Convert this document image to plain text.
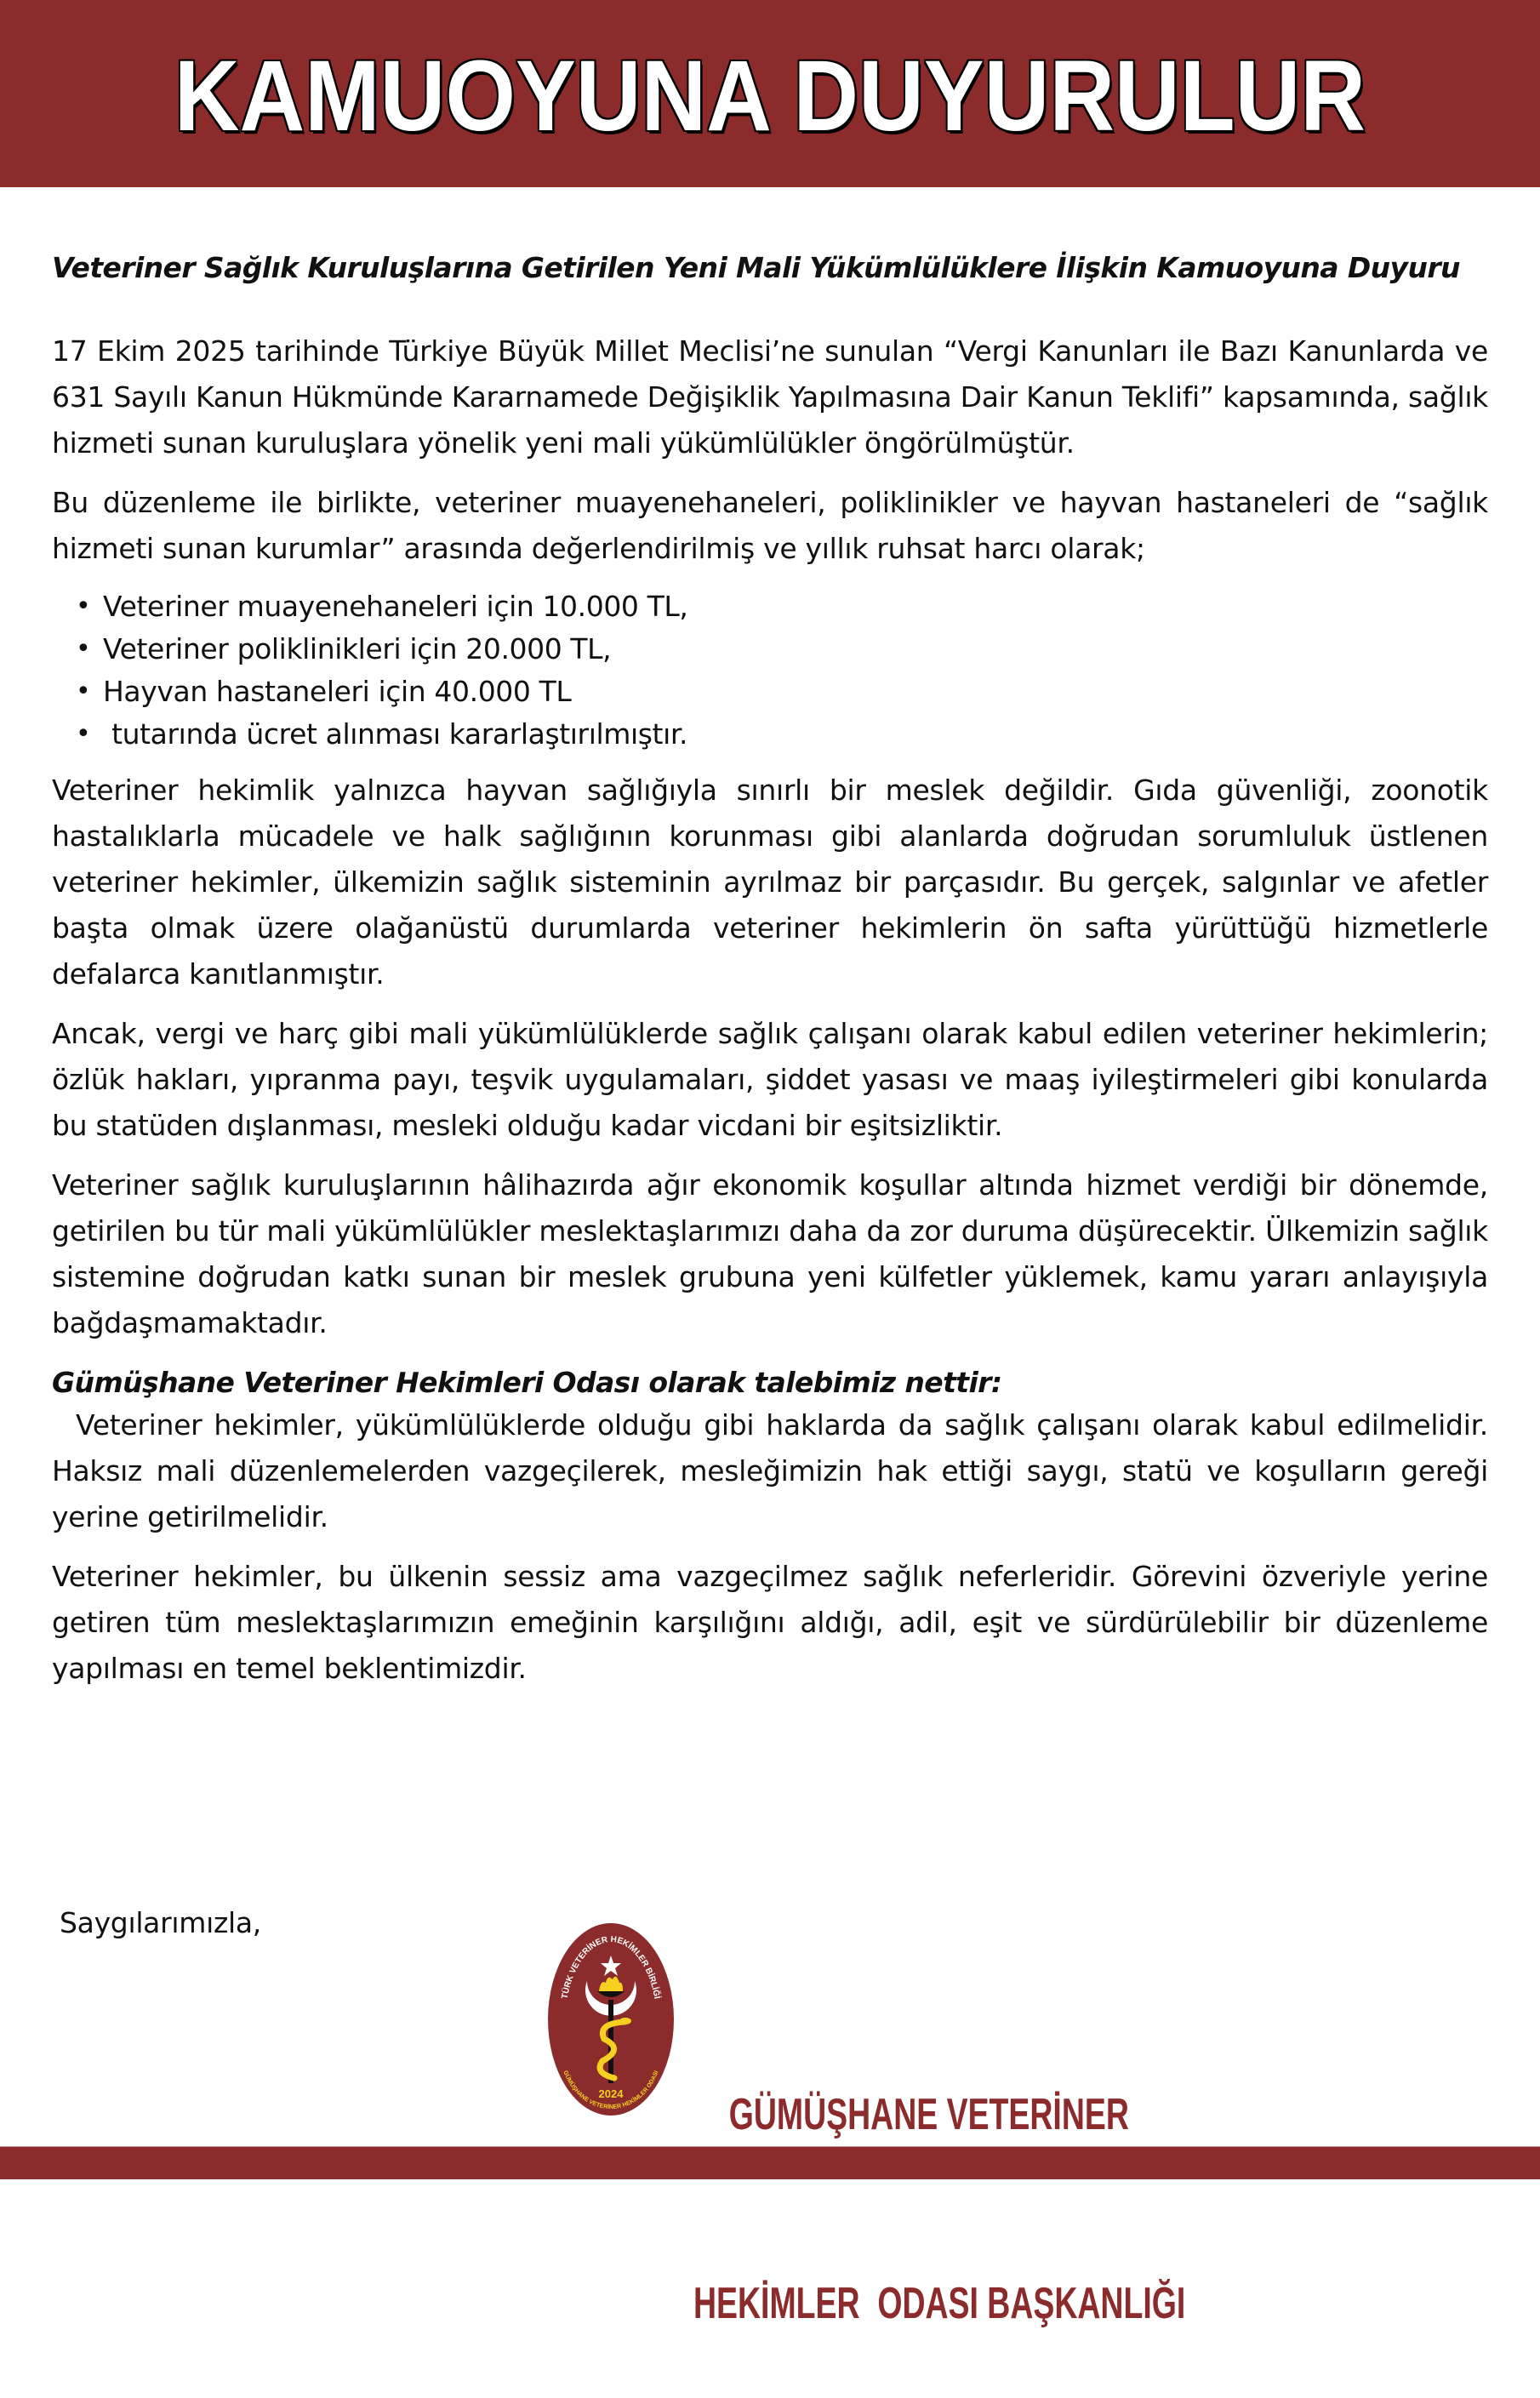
KAMUOYUNA DUYURULUR
Veteriner Sağlık Kuruluşlarına Getirilen Yeni Mali Yükümlülüklere İlişkin Kamuoyuna Duyuru

17 Ekim 2025 tarihinde Türkiye Büyük Millet Meclisi’ne sunulan “Vergi Kanunları ile Bazı Kanunlarda ve 631 Sayılı Kanun Hükmünde Kararnamede Değişiklik Yapılmasına Dair Kanun Teklifi” kapsamında, sağlık hizmeti sunan kuruluşlara yönelik yeni mali yükümlülükler öngörülmüştür.

Bu düzenleme ile birlikte, veteriner muayenehaneleri, poliklinikler ve hayvan hastaneleri de “sağlık hizmeti sunan kurumlar” arasında değerlendirilmiş ve yıllık ruhsat harcı olarak;

• Veteriner muayenehaneleri için 10.000 TL,
• Veteriner poliklinikleri için 20.000 TL,
• Hayvan hastaneleri için 40.000 TL
• tutarında ücret alınması kararlaştırılmıştır.

Veteriner hekimlik yalnızca hayvan sağlığıyla sınırlı bir meslek değildir. Gıda güvenliği, zoonotik hastalıklarla mücadele ve halk sağlığının korunması gibi alanlarda doğrudan sorumluluk üstlenen veteriner hekimler, ülkemizin sağlık sisteminin ayrılmaz bir parçasıdır. Bu gerçek, salgınlar ve afetler başta olmak üzere olağanüstü durumlarda veteriner hekimlerin ön safta yürüttüğü hizmetlerle defalarca kanıtlanmıştır.

Ancak, vergi ve harç gibi mali yükümlülüklerde sağlık çalışanı olarak kabul edilen veteriner hekimlerin; özlük hakları, yıpranma payı, teşvik uygulamaları, şiddet yasası ve maaş iyileştirmeleri gibi konularda bu statüden dışlanması, mesleki olduğu kadar vicdani bir eşitsizliktir.

Veteriner sağlık kuruluşlarının hâlihazırda ağır ekonomik koşullar altında hizmet verdiği bir dönemde, getirilen bu tür mali yükümlülükler meslektaşlarımızı daha da zor duruma düşürecektir. Ülkemizin sağlık sistemine doğrudan katkı sunan bir meslek grubuna yeni külfetler yüklemek, kamu yararı anlayışıyla bağdaşmamaktadır.

Gümüşhane Veteriner Hekimleri Odası olarak talebimiz nettir:

Veteriner hekimler, yükümlülüklerde olduğu gibi haklarda da sağlık çalışanı olarak kabul edilmelidir. Haksız mali düzenlemelerden vazgeçilerek, mesleğimizin hak ettiği saygı, statü ve koşulların gereği yerine getirilmelidir.

Veteriner hekimler, bu ülkenin sessiz ama vazgeçilmez sağlık neferleridir. Görevini özveriyle yerine getiren tüm meslektaşlarımızın emeğinin karşılığını aldığı, adil, eşit ve sürdürülebilir bir düzenleme yapılması en temel beklentimizdir.

Saygılarımızla,
TÜRK VETERİNER HEKİMLER BİRLİĞİ
GÜMÜŞHANE VETERİNER HEKİMLER ODASI
2024

	GÜMÜŞHANE VETERİNER

HEKİMLER  ODASI BAŞKANLIĞI
